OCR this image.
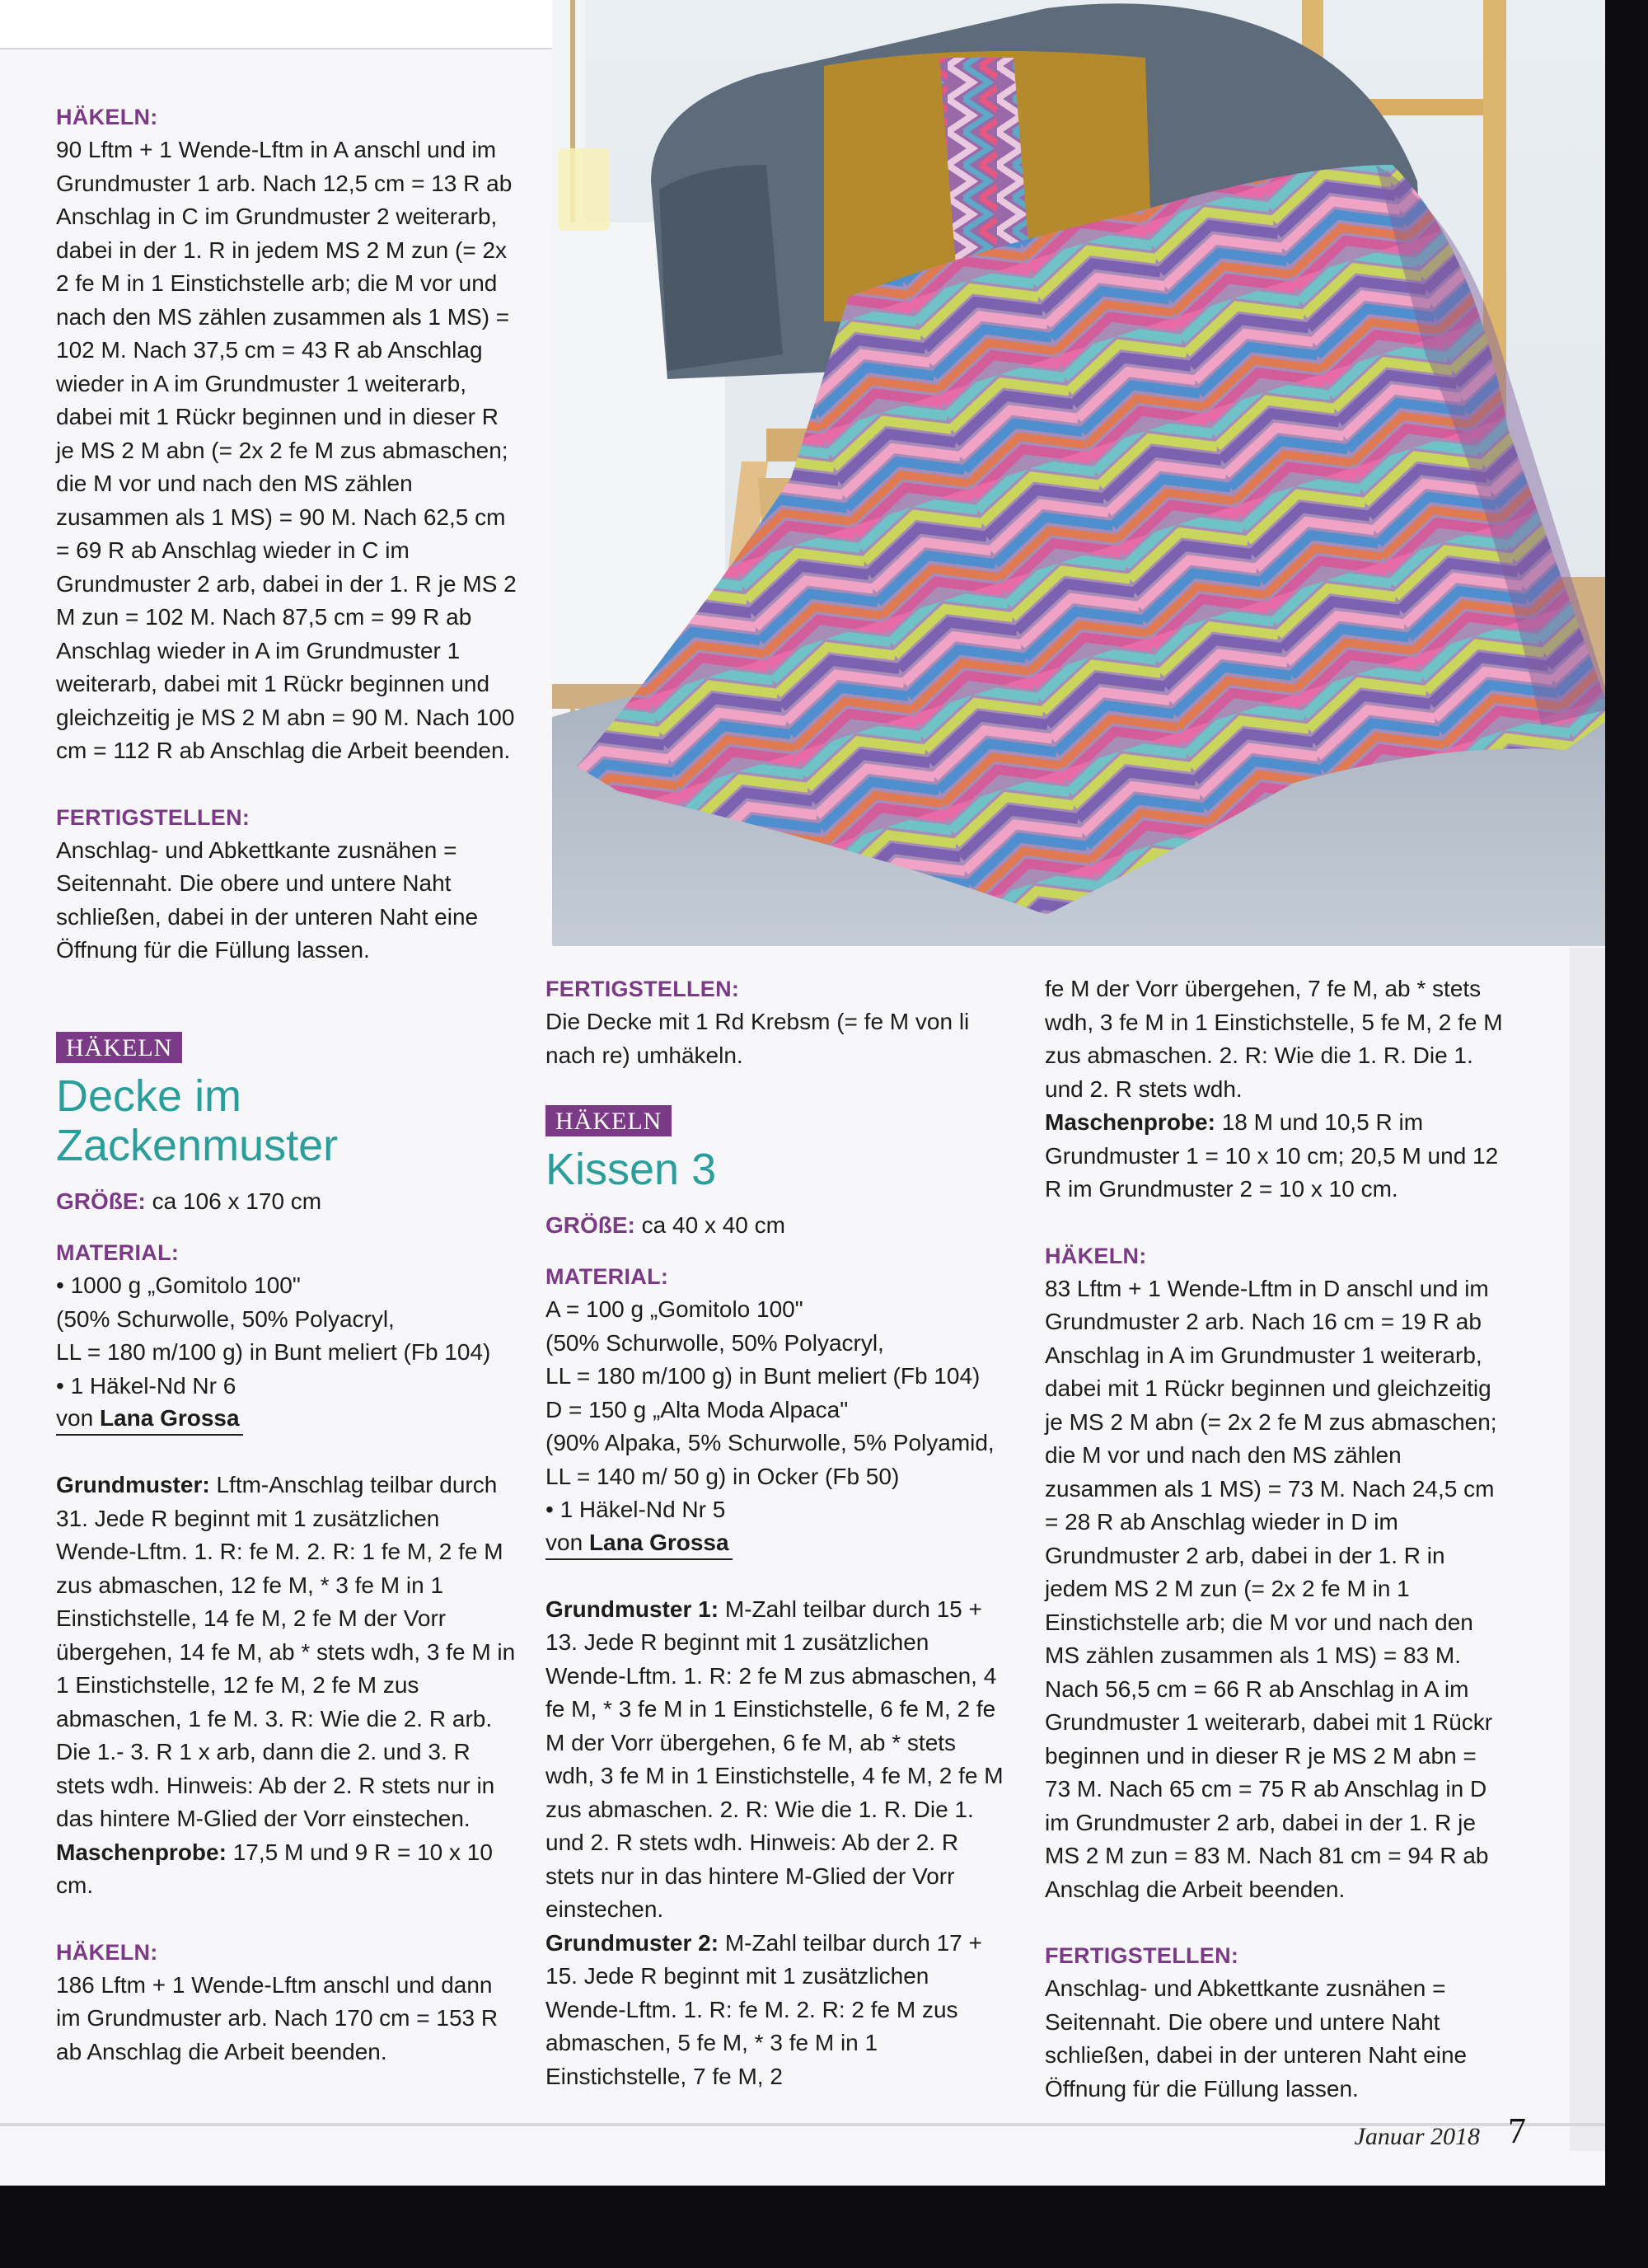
HÄKELN:

90 Lftm + 1 Wende-Lftm in A anschl und im Grundmuster 1 arb. Nach 12,5 cm = 13 R ab Anschlag in C im Grundmuster 2 weiterarb, dabei in der 1. R in jedem MS 2 M zun (= 2x 2 fe M in 1 Einstichstelle arb; die M vor und nach den MS zählen zusammen als 1 MS) = 102 M. Nach 37,5 cm = 43 R ab Anschlag wieder in A im Grundmuster 1 weiterarb, dabei mit 1 Rückr beginnen und in dieser R je MS 2 M abn (= 2x 2 fe M zus abmaschen; die M vor und nach den MS zählen zusammen als 1 MS) = 90 M. Nach 62,5 cm = 69 R ab Anschlag wieder in C im Grundmuster 2 arb, dabei in der 1. R je MS 2 M zun = 102 M. Nach 87,5 cm = 99 R ab Anschlag wieder in A im Grundmuster 1 weiterarb, dabei mit 1 Rückr beginnen und gleichzeitig je MS 2 M abn = 90 M. Nach 100 cm = 112 R ab Anschlag die Arbeit beenden.

FERTIGSTELLEN:

Anschlag- und Abkettkante zusnähen = Seitennaht. Die obere und untere Naht schließen, dabei in der unteren Naht eine Öffnung für die Füllung lassen.

HÄKELN
Decke im Zackenmuster
GRÖßE: ca 106 x 170 cm
MATERIAL:

• 1000 g „Gomitolo 100"

(50% Schurwolle, 50% Polyacryl,

LL = 180 m/100 g) in Bunt meliert (Fb 104)

• 1 Häkel-Nd Nr 6

von Lana Grossa

Grundmuster: Lftm-Anschlag teilbar durch 31. Jede R beginnt mit 1 zusätzlichen Wende-Lftm. 1. R: fe M. 2. R: 1 fe M, 2 fe M zus abmaschen, 12 fe M, * 3 fe M in 1 Einstichstelle, 14 fe M, 2 fe M der Vorr übergehen, 14 fe M, ab * stets wdh, 3 fe M in 1 Einstichstelle, 12 fe M, 2 fe M zus abmaschen, 1 fe M. 3. R: Wie die 2. R arb. Die 1.- 3. R 1 x arb, dann die 2. und 3. R stets wdh. Hinweis: Ab der 2. R stets nur in das hintere M-Glied der Vorr einstechen.

Maschenprobe: 17,5 M und 9 R = 10 x 10 cm.

HÄKELN:

186 Lftm + 1 Wende-Lftm anschl und dann im Grundmuster arb. Nach 170 cm = 153 R ab Anschlag die Arbeit beenden.

FERTIGSTELLEN:

Die Decke mit 1 Rd Krebsm (= fe M von li nach re) umhäkeln.

HÄKELN
Kissen 3
GRÖßE: ca 40 x 40 cm
MATERIAL:

A = 100 g „Gomitolo 100"

(50% Schurwolle, 50% Polyacryl,

LL = 180 m/100 g) in Bunt meliert (Fb 104)

D = 150 g „Alta Moda Alpaca"

(90% Alpaka, 5% Schurwolle, 5% Polyamid,

LL = 140 m/ 50 g) in Ocker (Fb 50)

• 1 Häkel-Nd Nr 5

von Lana Grossa

Grundmuster 1: M-Zahl teilbar durch 15 + 13. Jede R beginnt mit 1 zusätzlichen Wende-Lftm. 1. R: 2 fe M zus abmaschen, 4 fe M, * 3 fe M in 1 Einstichstelle, 6 fe M, 2 fe M der Vorr übergehen, 6 fe M, ab * stets wdh, 3 fe M in 1 Einstichstelle, 4 fe M, 2 fe M zus abmaschen. 2. R: Wie die 1. R. Die 1. und 2. R stets wdh. Hinweis: Ab der 2. R stets nur in das hintere M-Glied der Vorr einstechen.

Grundmuster 2: M-Zahl teilbar durch 17 + 15. Jede R beginnt mit 1 zusätzlichen Wende-Lftm. 1. R: fe M. 2. R: 2 fe M zus abmaschen, 5 fe M, * 3 fe M in 1 Einstichstelle, 7 fe M, 2

fe M der Vorr übergehen, 7 fe M, ab * stets wdh, 3 fe M in 1 Einstichstelle, 5 fe M, 2 fe M zus abmaschen. 2. R: Wie die 1. R. Die 1. und 2. R stets wdh.

Maschenprobe: 18 M und 10,5 R im Grundmuster 1 = 10 x 10 cm; 20,5 M und 12 R im Grundmuster 2 = 10 x 10 cm.

HÄKELN:

83 Lftm + 1 Wende-Lftm in D anschl und im Grundmuster 2 arb. Nach 16 cm = 19 R ab Anschlag in A im Grundmuster 1 weiterarb, dabei mit 1 Rückr beginnen und gleichzeitig je MS 2 M abn (= 2x 2 fe M zus abmaschen; die M vor und nach den MS zählen zusammen als 1 MS) = 73 M. Nach 24,5 cm = 28 R ab Anschlag wieder in D im Grundmuster 2 arb, dabei in der 1. R in jedem MS 2 M zun (= 2x 2 fe M in 1 Einstichstelle arb; die M vor und nach den MS zählen zusammen als 1 MS) = 83 M. Nach 56,5 cm = 66 R ab Anschlag in A im Grundmuster 1 weiterarb, dabei mit 1 Rückr beginnen und in dieser R je MS 2 M abn = 73 M. Nach 65 cm = 75 R ab Anschlag in D im Grundmuster 2 arb, dabei in der 1. R je MS 2 M zun = 83 M. Nach 81 cm = 94 R ab Anschlag die Arbeit beenden.

FERTIGSTELLEN:

Anschlag- und Abkettkante zusnähen = Seitennaht. Die obere und untere Naht schließen, dabei in der unteren Naht eine Öffnung für die Füllung lassen.

Januar 2018 7
